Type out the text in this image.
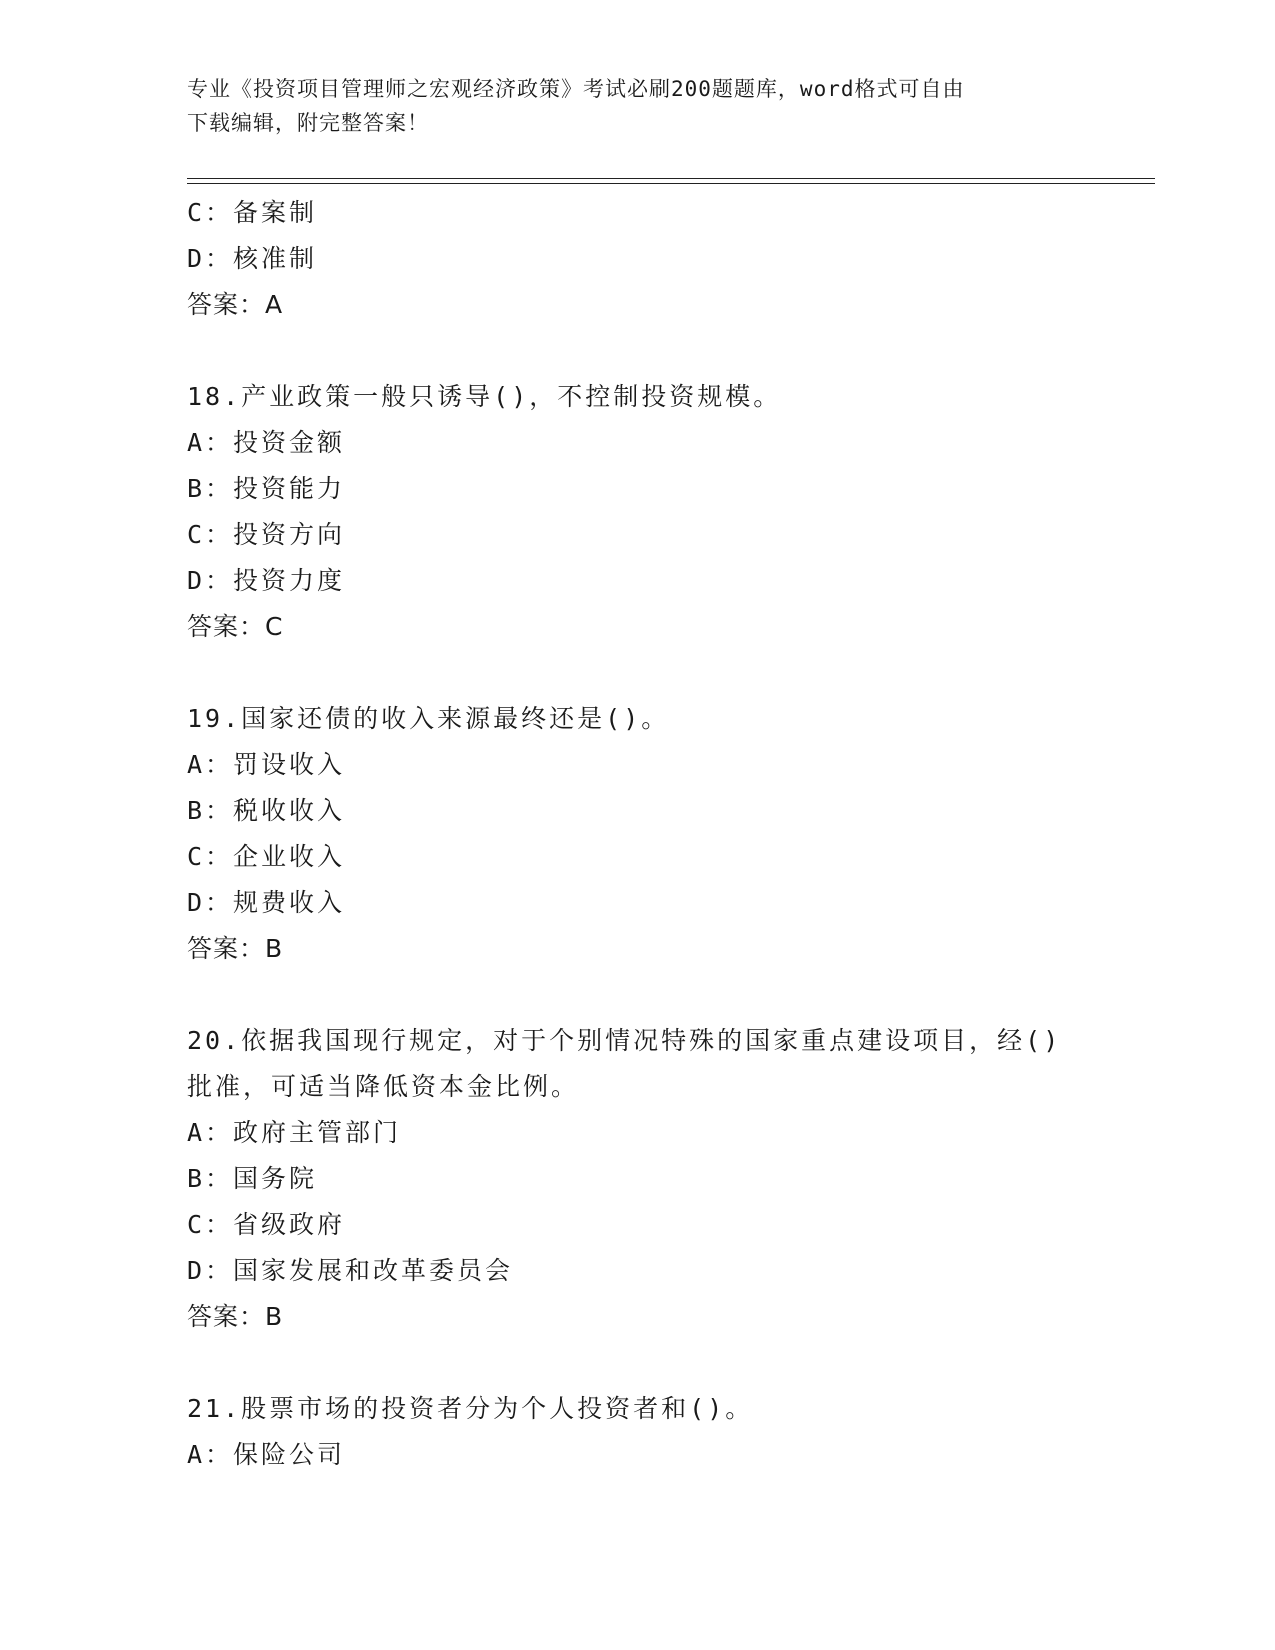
专业《投资项目管理师之宏观经济政策》考试必刷200题题库，word格式可自由
下载编辑，附完整答案！
C：备案制
D：核准制
答案：A
18.产业政策一般只诱导()，不控制投资规模。
A：投资金额
B：投资能力
C：投资方向
D：投资力度
答案：C
19.国家还债的收入来源最终还是()。
A：罚设收入
B：税收收入
C：企业收入
D：规费收入
答案：B
20.依据我国现行规定，对于个别情况特殊的国家重点建设项目，经()
批准，可适当降低资本金比例。
A：政府主管部门
B：国务院
C：省级政府
D：国家发展和改革委员会
答案：B
21.股票市场的投资者分为个人投资者和()。
A：保险公司
